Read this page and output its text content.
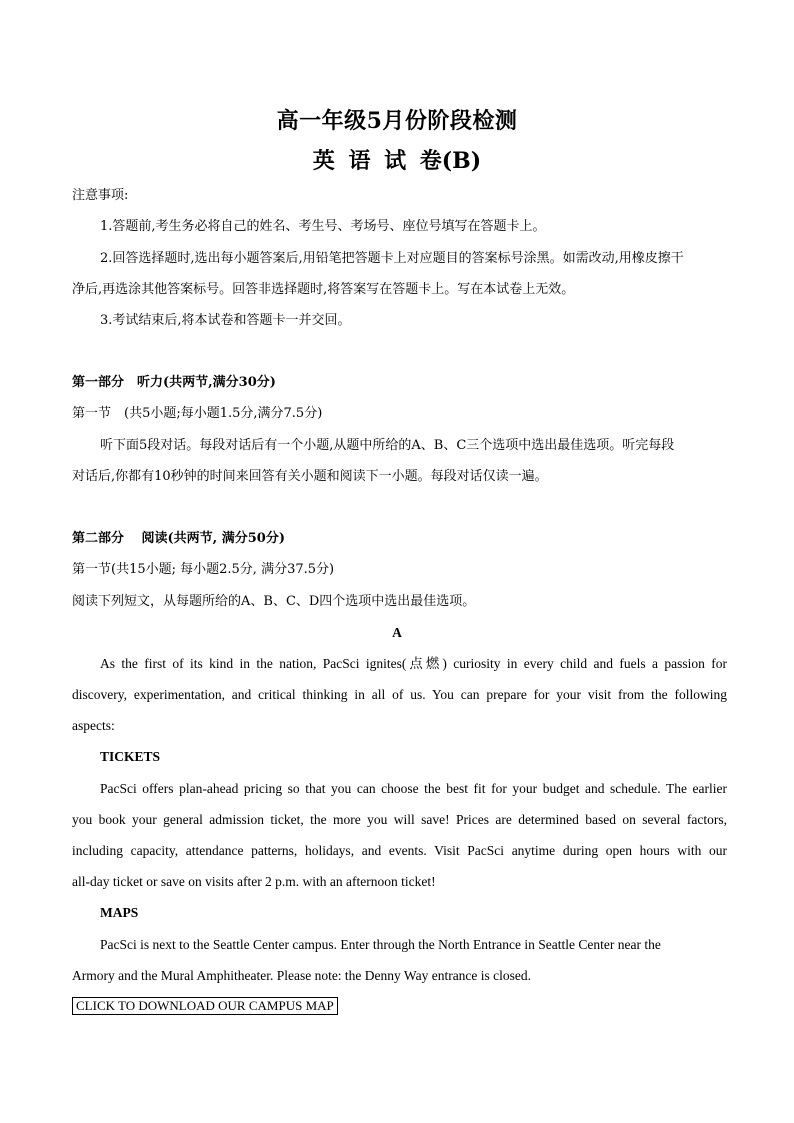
高一年级5月份阶段检测
英 语 试 卷(B)
注意事项:
1.答题前,考生务必将自己的姓名、考生号、考场号、座位号填写在答题卡上。
2.回答选择题时,选出每小题答案后,用铅笔把答题卡上对应题目的答案标号涂黑。如需改动,用橡皮擦干
净后,再选涂其他答案标号。回答非选择题时,将答案写在答题卡上。写在本试卷上无效。
3.考试结束后,将本试卷和答题卡一并交回。
第一部分　听力(共两节,满分30分)
第一节　(共5小题;每小题1.5分,满分7.5分)
听下面5段对话。每段对话后有一个小题,从题中所给的A、B、C三个选项中选出最佳选项。听完每段
对话后,你都有10秒钟的时间来回答有关小题和阅读下一小题。每段对话仅读一遍。
第二部分　 阅读(共两节, 满分50分)
第一节(共15小题; 每小题2.5分, 满分37.5分)
阅读下列短文，从每题所给的A、B、C、D四个选项中选出最佳选项。
A
As the first of its kind in the nation, PacSci ignites(点燃) curiosity in every child and fuels a passion for
discovery, experimentation, and critical thinking in all of us. You can prepare for your visit from the following
aspects:
TICKETS
PacSci offers plan-ahead pricing so that you can choose the best fit for your budget and schedule. The earlier
you book your general admission ticket, the more you will save! Prices are determined based on several factors,
including capacity, attendance patterns, holidays, and events. Visit PacSci anytime during open hours with our
all-day ticket or save on visits after 2 p.m. with an afternoon ticket!
MAPS
PacSci is next to the Seattle Center campus. Enter through the North Entrance in Seattle Center near the
Armory and the Mural Amphitheater. Please note: the Denny Way entrance is closed.
CLICK TO DOWNLOAD OUR CAMPUS MAP
